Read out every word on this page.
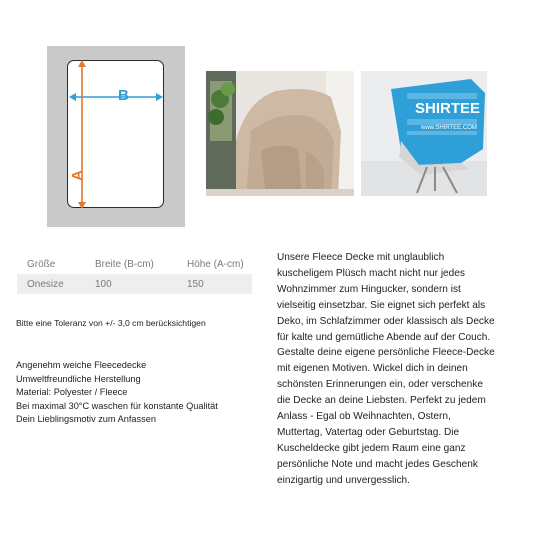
B
A
SHIRTEE
www.SHIRTEE.COM
Größe	Breite (B-cm)	Höhe (A-cm)
Onesize	100	150
Bitte eine Toleranz von +/- 3,0 cm berücksichtigen
Angenehm weiche Fleecedecke
Umweltfreundliche Herstellung
Material: Polyester / Fleece
Bei maximal 30°C waschen für konstante Qualität
Dein Lieblingsmotiv zum Anfassen
Unsere Fleece Decke mit unglaublich
kuscheligem Plüsch macht nicht nur jedes
Wohnzimmer zum Hingucker, sondern ist
vielseitig einsetzbar. Sie eignet sich perfekt als
Deko, im Schlafzimmer oder klassisch als Decke
für kalte und gemütliche Abende auf der Couch.
Gestalte deine eigene persönliche Fleece-Decke
mit eigenen Motiven. Wickel dich in deinen
schönsten Erinnerungen ein, oder verschenke
die Decke an deine Liebsten. Perfekt zu jedem
Anlass - Egal ob Weihnachten, Ostern,
Muttertag, Vatertag oder Geburtstag. Die
Kuscheldecke gibt jedem Raum eine ganz
persönliche Note und macht jedes Geschenk
einzigartig und unvergesslich.
